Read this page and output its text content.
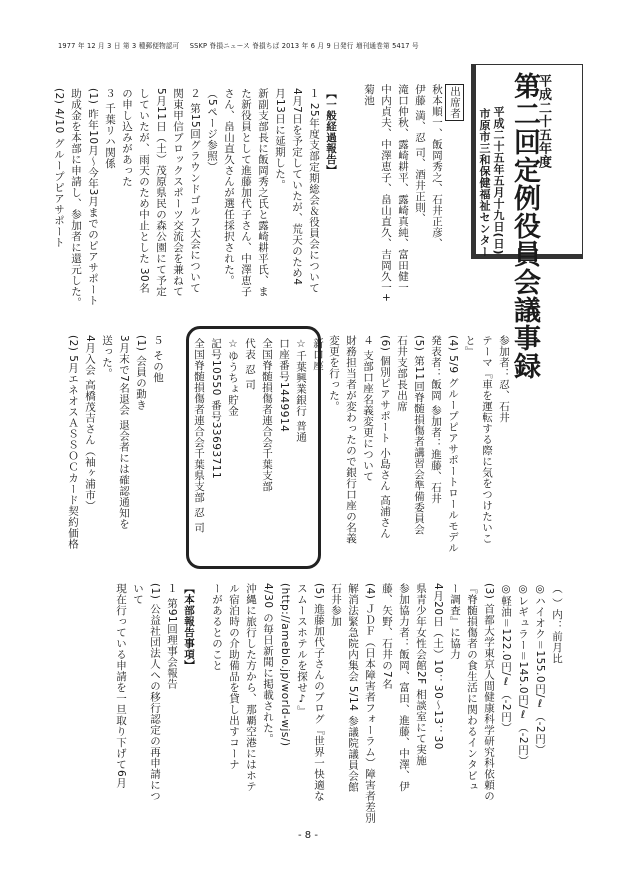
1977 年 12 月 3 日 第 3 種郵便物認可 SSKP 脊損ニュース 脊損ちば 2013 年 6 月 9 日発行 増刊通巻第 5417 号
平成二十五年度
第二回定例役員会議事録
平成二十五年五月十九日(日)
市原市三和保健福祉センター
出席者
秋本順一、飯岡秀之、石井正彦、
伊藤 満、忍 司、酒井正則、
滝口仲秋、露崎耕平、露崎真純、富田健一
中内貞夫、中澤恵子、畠山直久、吉岡久一+
菊池
【一般経過報告】
１ 25年度支部定期総会＆役員会について
4月7日を予定していたが、荒天のため4
月13日に延期した。
新副支部長に飯岡秀之氏と露崎耕平氏、ま
た新役員として進藤加代子さん、中澤恵子
さん、畠山直久さんが選任採択された。
（5ページ参照）
２ 第15回グラウンドゴルフ大会について
関東甲信ブロックスポーツ交流会を兼ねて
5月11日（土）茂原県民の森公園にて予定
していたが、雨天のため中止とした 30名
の申し込みがあった
３ 千葉リハ関係
(1) 昨年10月～今年3月までのピアサポート
助成金を本部に申請し、参加者に還元した。
(2) 4/10 グループピアサポート
参加者：忍、石井
テーマ『車を運転する際に気をつけたいこ
と』
(4) 5/9 グループピアサポートロールモデル
発表者：飯岡 参加者：進藤、石井
(5) 第11回脊髄損傷者講習会準備委員会
石井支部長出席
(6) 個別ピアサポート 小島さん 高浦さん
４ 支部口座名義変更について
財務担当者が変わったので銀行口座の名義
変更を行った。
新口座
☆千葉興業銀行 普通
口座番号1449914
全国脊髄損傷者連合会千葉支部
代表 忍 司
☆ゆうちょ貯金
記号10550 番号33693711
全国脊髄損傷者連合会千葉県支部 忍 司
５ その他
(1) 会員の動き
3月末で7名退会 退会者には確認通知を
送った。
4月入会 高橋茂吉さん（袖ヶ浦市）
(2) 5月エネオスＡＳＳＯＣカード契約価格
（ ）内：前月比
◎ハイオク＝155.0円/ℓ（-2円）
◎レギュラー＝145.0円/ℓ（-2円）
◎軽油＝122.0円/ℓ（-2円）
(3) 首都大学東京人間健康科学研究科依頼の
『脊髄損傷者の食生活に関わるインタビュ
ー調査』に協力
4月20日（土）10：30～13：30
県青少年女性会館2F 相談室にて実施
参加協力者：飯岡、富田、進藤、中澤、伊
藤、矢野、石井の7名
(4) ＪＤＦ（日本障害者フォーラム）障害者差別
解消法緊急院内集会 5/14 参議院議員会館
石井参加
(5) 進藤加代子さんのブログ『世界一快適な
スムースホテルを探せ♪』
(http://ameblo.jp/world-wjs/)
4/30 の毎日新聞に掲載された。
沖縄に旅行した方から、那覇空港にはホテ
ル宿泊時の介助備品を貸し出すコーナ
ーがあるとのこと
【本部報告事項】
１ 第91回理事会報告
(1) 公益社団法人への移行認定の再申請につ
いて
現在行っている申請を一旦取り下げて6月
- 8 -
